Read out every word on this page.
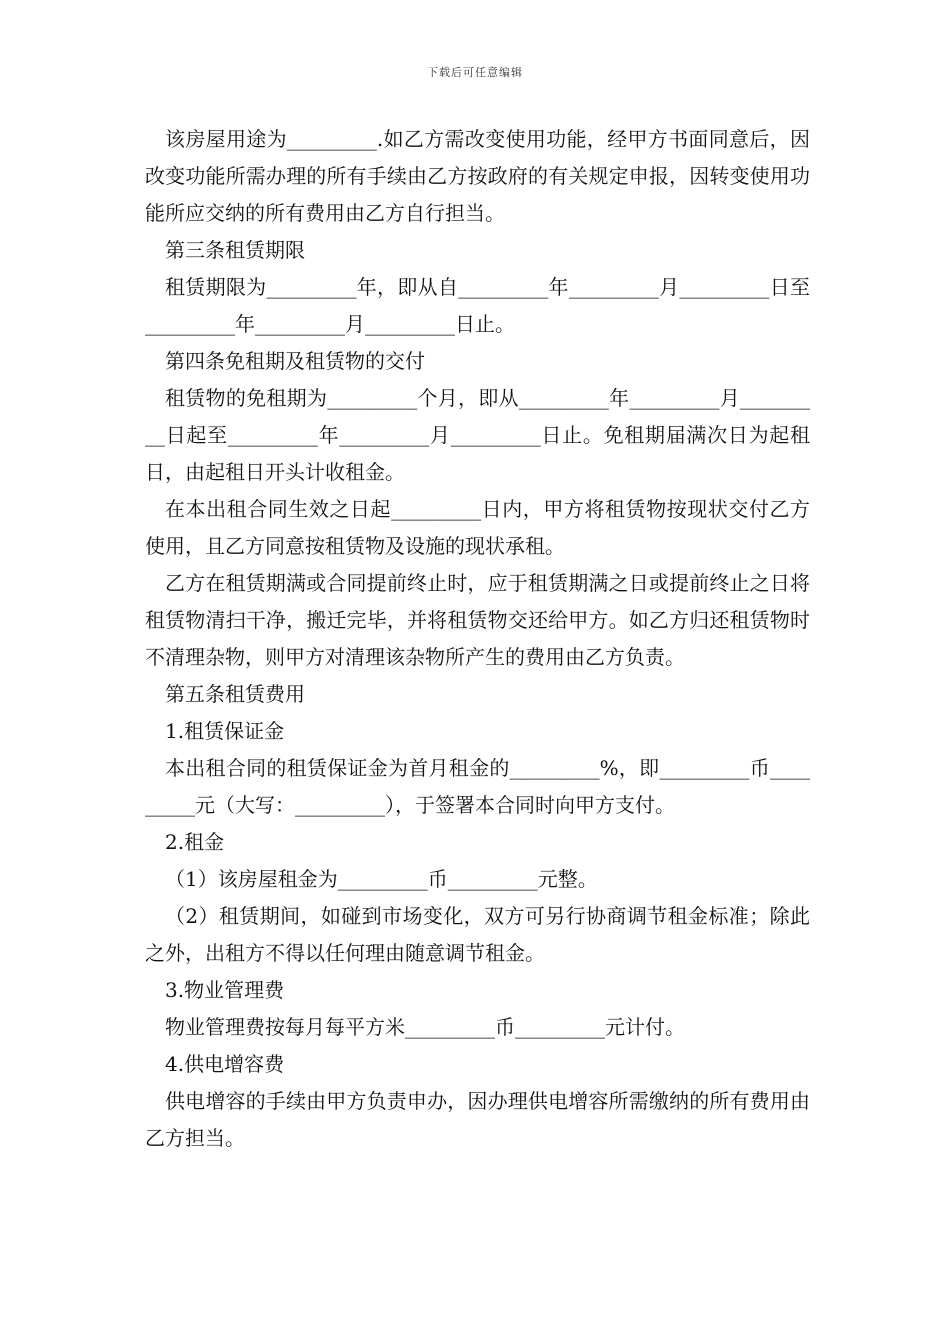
下载后可任意编辑

该房屋用途为_________.如乙方需改变使用功能，经甲方书面同意后，因改变功能所需办理的所有手续由乙方按政府的有关规定申报，因转变使用功能所应交纳的所有费用由乙方自行担当。

第三条租赁期限

租赁期限为_________年，即从自_________年_________月_________日至_________年_________月_________日止。

第四条免租期及租赁物的交付

租赁物的免租期为_________个月，即从_________年_________月_________日起至_________年_________月_________日止。免租期届满次日为起租日，由起租日开头计收租金。

在本出租合同生效之日起_________日内，甲方将租赁物按现状交付乙方使用，且乙方同意按租赁物及设施的现状承租。

乙方在租赁期满或合同提前终止时，应于租赁期满之日或提前终止之日将租赁物清扫干净，搬迁完毕，并将租赁物交还给甲方。如乙方归还租赁物时不清理杂物，则甲方对清理该杂物所产生的费用由乙方负责。

第五条租赁费用

1.租赁保证金

本出租合同的租赁保证金为首月租金的_________%，即_________币_________元（大写：_________），于签署本合同时向甲方支付。

2.租金

（1）该房屋租金为_________币_________元整。

（2）租赁期间，如碰到市场变化，双方可另行协商调节租金标准；除此之外，出租方不得以任何理由随意调节租金。

3.物业管理费

物业管理费按每月每平方米_________币_________元计付。

4.供电增容费

供电增容的手续由甲方负责申办，因办理供电增容所需缴纳的所有费用由乙方担当。
